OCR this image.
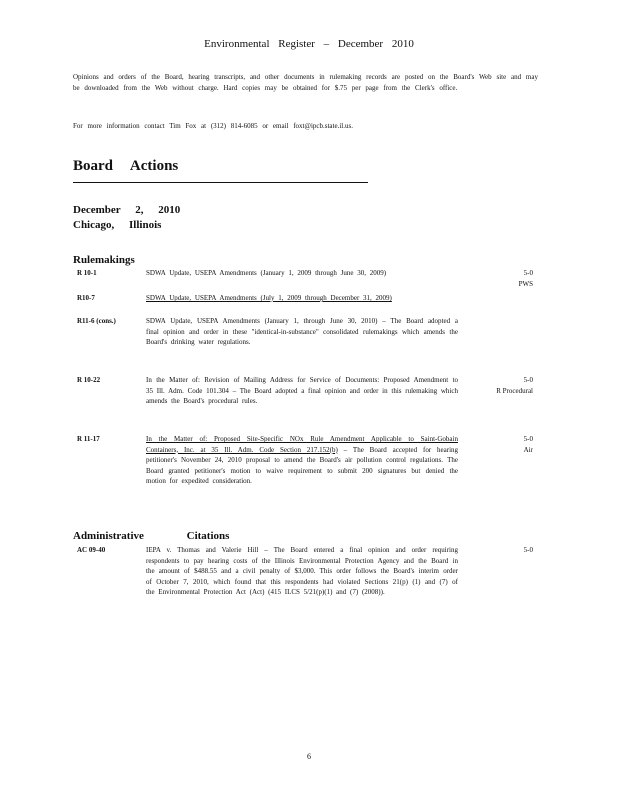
Environmental Register – December 2010
Opinions and orders of the Board, hearing transcripts, and other documents in rulemaking records are posted on the Board's Web site and may be downloaded from the Web without charge. Hard copies may be obtained for $.75 per page from the Clerk's office.
For more information contact Tim Fox at (312) 814-6085 or email foxt@ipcb.state.il.us.
Board Actions
December 2, 2010
Chicago, Illinois
Rulemakings
R 10-1	SDWA Update, USEPA Amendments (January 1, 2009 through June 30, 2009)	5-0
PWS
R10-7	SDWA Update, USEPA Amendments (July 1, 2009 through December 31, 2009)
R11-6 (cons.)	SDWA Update, USEPA Amendments (January 1, through June 30, 2010) – The Board adopted a final opinion and order in these "identical-in-substance" consolidated rulemakings which amends the Board's drinking water regulations.
R 10-22	In the Matter of: Revision of Mailing Address for Service of Documents: Proposed Amendment to 35 Ill. Adm. Code 101.304 – The Board adopted a final opinion and order in this rulemaking which amends the Board's procedural rules.
5-0
R Procedural
R 11-17	In the Matter of: Proposed Site-Specific NOx Rule Amendment Applicable to Saint-Gobain Containers, Inc. at 35 Ill. Adm. Code Section 217.152(b) – The Board accepted for hearing petitioner's November 24, 2010 proposal to amend the Board's air pollution control regulations. The Board granted petitioner's motion to waive requirement to submit 200 signatures but denied the motion for expedited consideration.
5-0
Air
Administrative Citations
AC 09-40	IEPA v. Thomas and Valerie Hill – The Board entered a final opinion and order requiring respondents to pay hearing costs of the Illinois Environmental Protection Agency and the Board in the amount of $488.55 and a civil penalty of $3,000. This order follows the Board's interim order of October 7, 2010, which found that this respondents had violated Sections 21(p) (1) and (7) of the Environmental Protection Act (Act) (415 ILCS 5/21(p)(1) and (7) (2008)).
5-0
6
